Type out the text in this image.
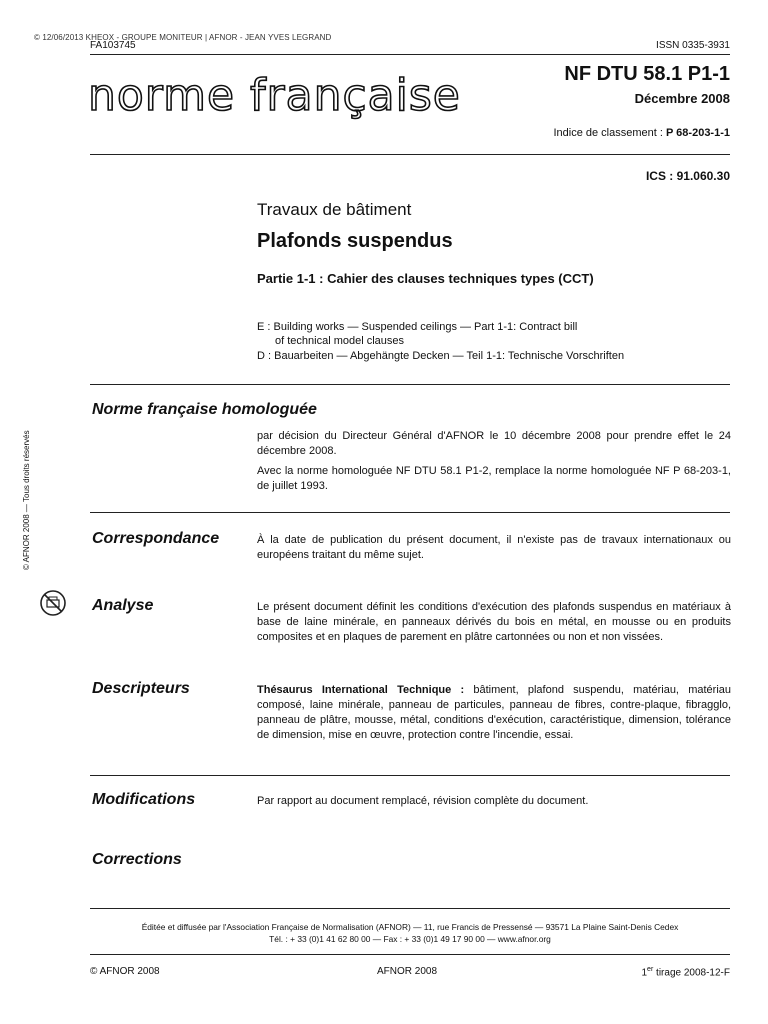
© 12/06/2013 KHEOX - GROUPE MONITEUR | AFNOR - JEAN YVES LEGRAND
FA103745	ISSN 0335-3931
norme française	NF DTU 58.1 P1-1
Décembre 2008
Indice de classement : P 68-203-1-1
ICS : 91.060.30
Travaux de bâtiment
Plafonds suspendus
Partie 1-1 : Cahier des clauses techniques types (CCT)
E : Building works — Suspended ceilings — Part 1-1: Contract bill
of technical model clauses
D : Bauarbeiten — Abgehängte Decken — Teil 1-1: Technische Vorschriften
Norme française homologuée

par décision du Directeur Général d'AFNOR le 10 décembre 2008 pour prendre effet le 24 décembre 2008.

Avec la norme homologuée NF DTU 58.1 P1-2, remplace la norme homologuée NF P 68-203-1, de juillet 1993.

Correspondance	À la date de publication du présent document, il n'existe pas de travaux internationaux ou européens traitant du même sujet.
Analyse	Le présent document définit les conditions d'exécution des plafonds suspendus en matériaux à base de laine minérale, en panneaux dérivés du bois en métal, en mousse ou en produits composites et en plaques de parement en plâtre cartonnées ou non et non vissées.
Descripteurs	Thésaurus International Technique : bâtiment, plafond suspendu, matériau, matériau composé, laine minérale, panneau de particules, panneau de fibres, contre-plaque, fibragglo, panneau de plâtre, mousse, métal, conditions d'exécution, caractéristique, dimension, tolérance de dimension, mise en œuvre, protection contre l'incendie, essai.
Modifications	Par rapport au document remplacé, révision complète du document.
Corrections
Éditée et diffusée par l'Association Française de Normalisation (AFNOR) — 11, rue Francis de Pressensé — 93571 La Plaine Saint-Denis Cedex
Tél. : + 33 (0)1 41 62 80 00 — Fax : + 33 (0)1 49 17 90 00 — www.afnor.org
© AFNOR 2008	AFNOR 2008	1er tirage 2008-12-F
© AFNOR 2008 — Tous droits réservés
